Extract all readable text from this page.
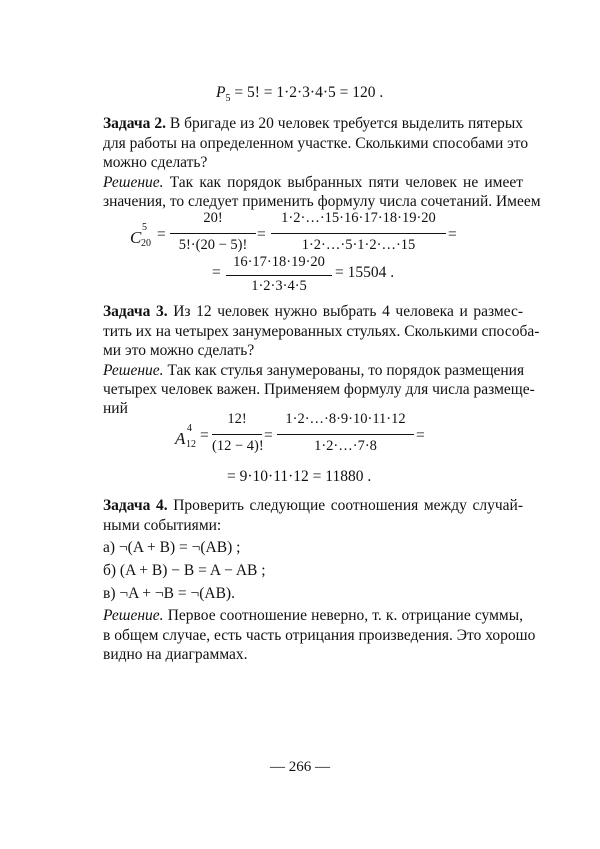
$P_5 = 5$! = 1·2·3·4·5 = 120 .
Задача 2. В бригаде из 20 человек требуется выделить пятерых
для работы на определенном участке. Сколькими способами это
можно сделать?
Решение. Так как порядок выбранных пяти человек не имеет
значения, то следует применить формулу числа сочетаний. Имеем
C
5
20
=
20!
5!·(20 − 5)!
=
1·2·…·15·16·17·18·19·20
1·2·…·5·1·2·…·15
=
=
16·17·18·19·20
1·2·3·4·5
= 15504 .
Задача 3. Из 12 человек нужно выбрать 4 человека и размес-
тить их на четырех занумерованных стульях. Сколькими способа-
ми это можно сделать?
Решение. Так как стулья занумерованы, то порядок размещения
четырех человек важен. Применяем формулу для числа размеще-
ний
A
4
12
=
12!
(12 − 4)!
=
1·2·…·8·9·10·11·12
1·2·…·7·8
=
= 9·10·11·12 = 11880 .
Задача 4. Проверить следующие соотношения между случай-
ными событиями:
а) ¬(A + B) = ¬(AB) ;
б) (A + B) − B = A − AB ;
в) ¬A + ¬B = ¬(AB).
Решение. Первое соотношение неверно, т. к. отрицание суммы,
в общем случае, есть часть отрицания произведения. Это хорошо
видно на диаграммах.
— 266 —
